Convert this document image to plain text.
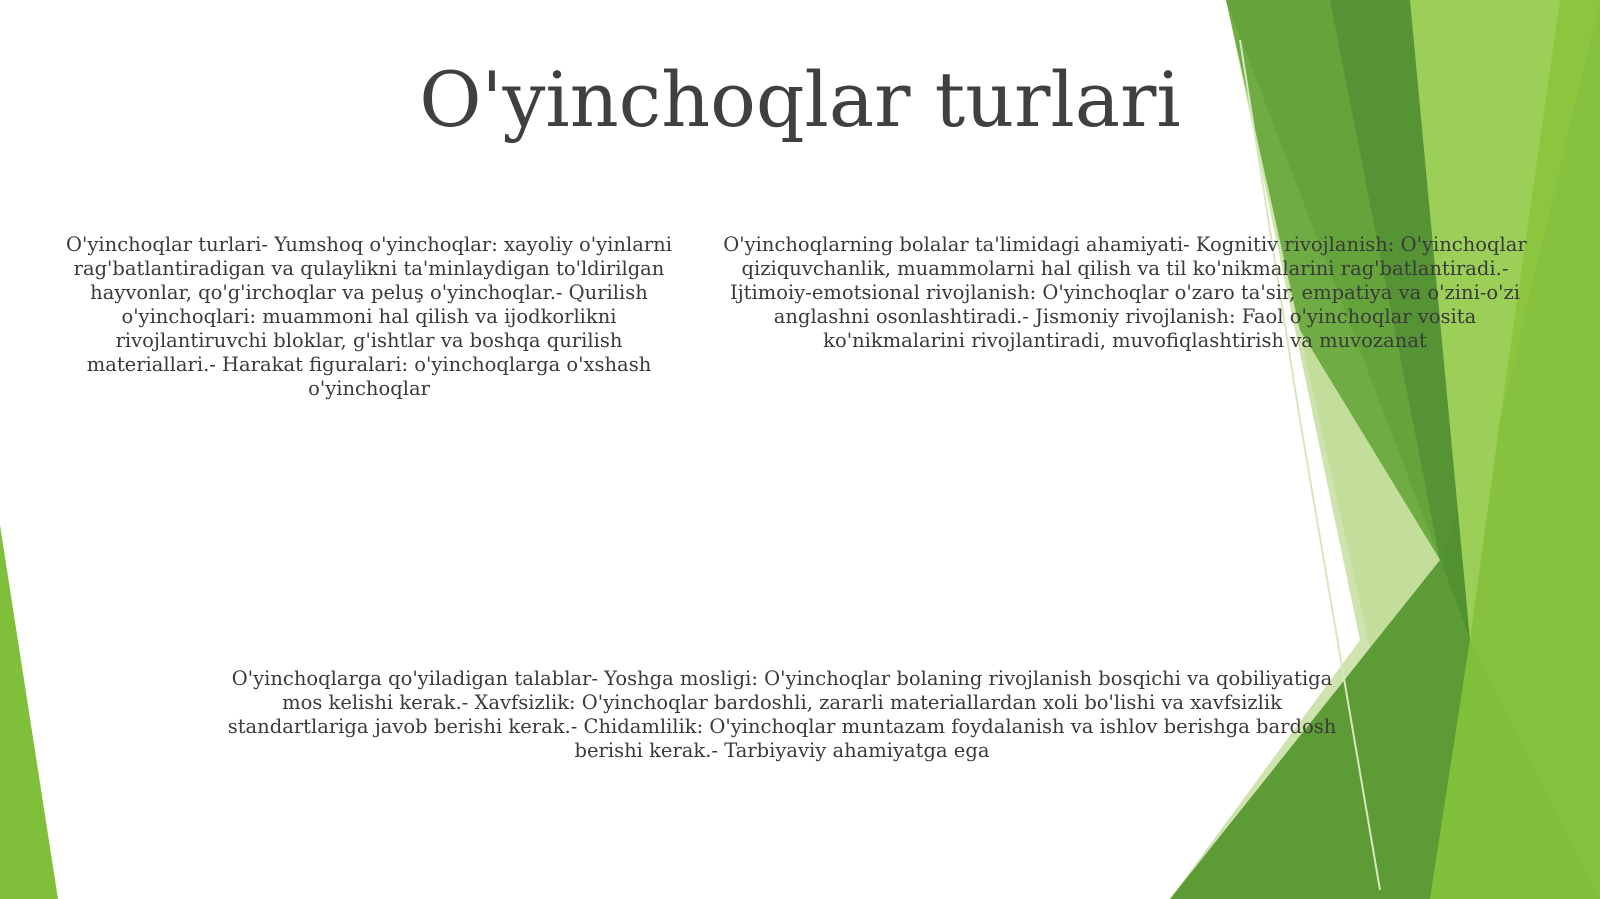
O'yinchoqlar turlari

O'yinchoqlar turlari- Yumshoq o'yinchoqlar: xayoliy o'yinlarni rag'batlantiradigan va qulaylikni ta'minlaydigan to'ldirilgan hayvonlar, qo'g'irchoqlar va peluş o'yinchoqlar.- Qurilish o'yinchoqlari: muammoni hal qilish va ijodkorlikni rivojlantiruvchi bloklar, g'ishtlar va boshqa qurilish materiallari.- Harakat figuralari: o'yinchoqlarga o'xshash o'yinchoqlar

O'yinchoqlarning bolalar ta'limidagi ahamiyati- Kognitiv rivojlanish: O'yinchoqlar qiziquvchanlik, muammolarni hal qilish va til ko'nikmalarini rag'batlantiradi.- Ijtimoiy-emotsional rivojlanish: O'yinchoqlar o'zaro ta'sir, empatiya va o'zini-o'zi anglashni osonlashtiradi.- Jismoniy rivojlanish: Faol o'yinchoqlar vosita ko'nikmalarini rivojlantiradi, muvofiqlashtirish va muvozanat

O'yinchoqlarga qo'yiladigan talablar- Yoshga mosligi: O'yinchoqlar bolaning rivojlanish bosqichi va qobiliyatiga mos kelishi kerak.- Xavfsizlik: O'yinchoqlar bardoshli, zararli materiallardan xoli bo'lishi va xavfsizlik standartlariga javob berishi kerak.- Chidamlilik: O'yinchoqlar muntazam foydalanish va ishlov berishga bardosh berishi kerak.- Tarbiyaviy ahamiyatga ega
